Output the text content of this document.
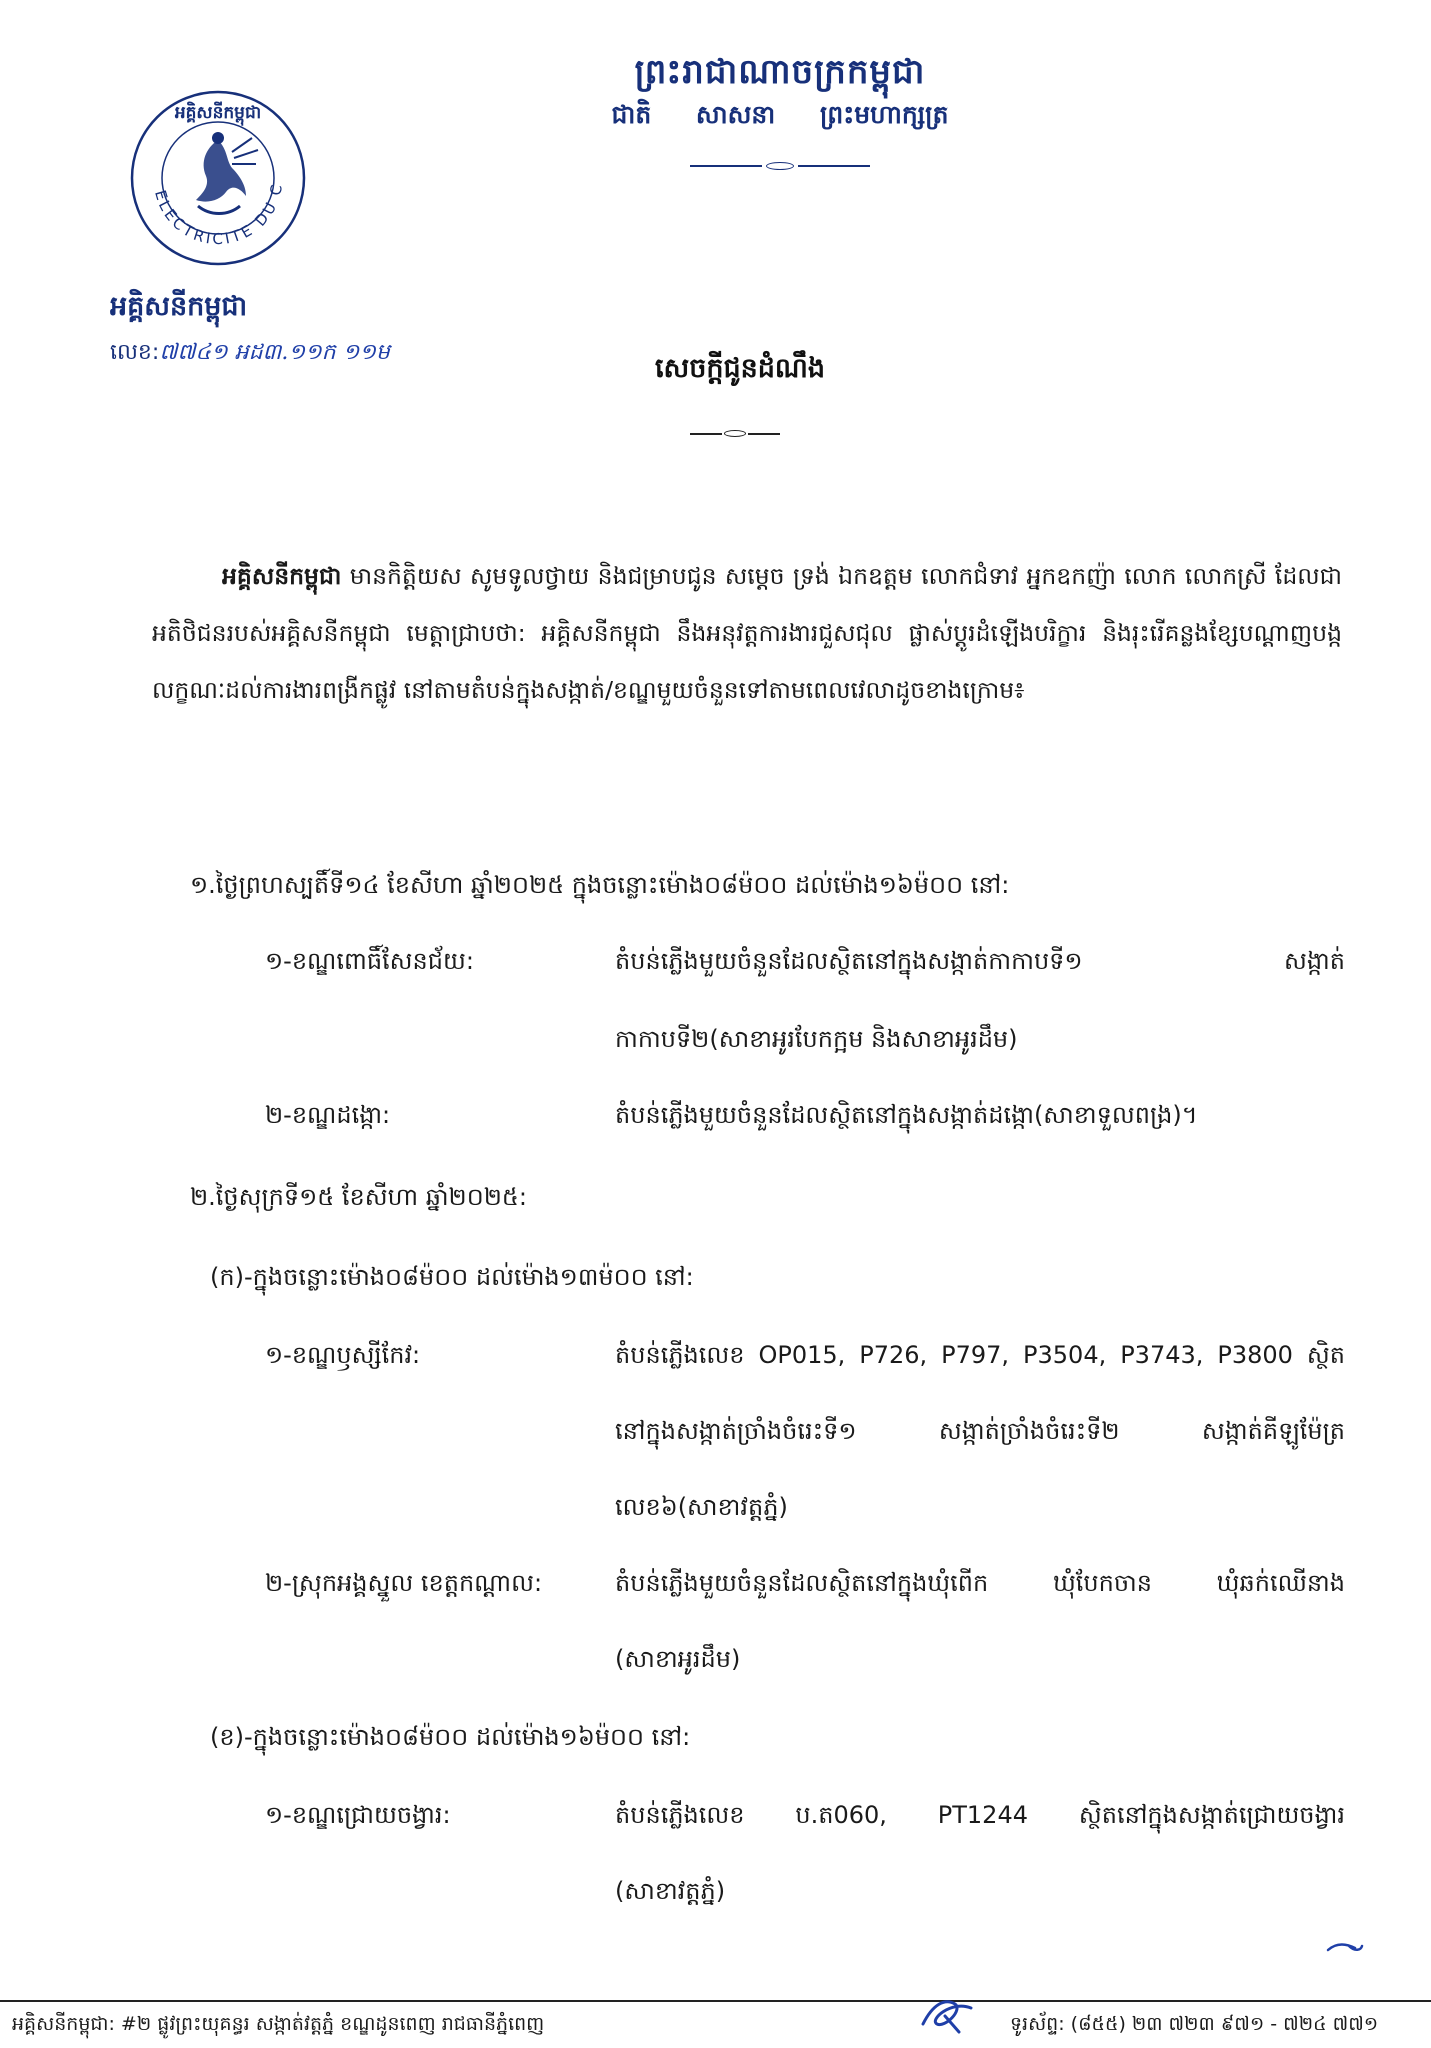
ព្រះរាជាណាចក្រកម្ពុជា
ជាតិ សាសនា ព្រះមហាក្សត្រ
ELECTRICITE DU C
អគ្គិសនីកម្ពុជា
អគ្គិសនីកម្ពុជា
លេខ:៧៧៤១ អដ៣.១១ក ១១ម
សេចក្តីជូនដំណឹង
អគ្គិសនីកម្ពុជា មានកិត្តិយស សូមទូលថ្វាយ និងជម្រាបជូន សម្តេច ទ្រង់ ឯកឧត្តម លោកជំទាវ អ្នកឧកញ៉ា លោក លោកស្រី ដែលជាអតិថិជនរបស់អគ្គិសនីកម្ពុជា មេត្តាជ្រាបថា: អគ្គិសនីកម្ពុជា នឹងអនុវត្តការងារជួសជុល ផ្លាស់ប្តូរដំឡើងបរិក្ខារ និងរុះរើគន្លងខ្សែបណ្តាញបង្កលក្ខណៈដល់ការងារពង្រីកផ្លូវ នៅតាមតំបន់ក្នុងសង្កាត់/ខណ្ឌមួយចំនួនទៅតាមពេលវេលាដូចខាងក្រោម៖
១.ថ្ងៃព្រហស្បតិ៍ទី១៤ ខែសីហា ឆ្នាំ២០២៥ ក្នុងចន្លោះម៉ោង០៨ម៉០០ ដល់ម៉ោង១៦ម៉០០ នៅ:
១-ខណ្ឌពោធិ៍សែនជ័យ:	តំបន់ភ្លើងមួយចំនួនដែលស្ថិតនៅក្នុងសង្កាត់កាកាបទី១ សង្កាត់
កាកាបទី២(សាខាអូរបែកក្អម និងសាខាអូរដឹម)
២-ខណ្ឌដង្កោ:	តំបន់ភ្លើងមួយចំនួនដែលស្ថិតនៅក្នុងសង្កាត់ដង្កោ(សាខាទួលពង្រ)។
២.ថ្ងៃសុក្រទី១៥ ខែសីហា ឆ្នាំ២០២៥:
(ក)-ក្នុងចន្លោះម៉ោង០៨ម៉០០ ដល់ម៉ោង១៣ម៉០០ នៅ:
១-ខណ្ឌឫស្សីកែវ:	តំបន់ភ្លើងលេខ OP015, P726, P797, P3504, P3743, P3800 ស្ថិត
នៅក្នុងសង្កាត់ច្រាំងចំរេះទី១ សង្កាត់ច្រាំងចំរេះទី២ សង្កាត់គីឡូម៉ែត្រ
លេខ៦(សាខាវត្តភ្នំ)
២-ស្រុកអង្គស្នួល ខេត្តកណ្តាល:	តំបន់ភ្លើងមួយចំនួនដែលស្ថិតនៅក្នុងឃុំពើក ឃុំបែកចាន ឃុំឆក់ឈើនាង
(សាខាអូរដឹម)
(ខ)-ក្នុងចន្លោះម៉ោង០៨ម៉០០ ដល់ម៉ោង១៦ម៉០០ នៅ:
១-ខណ្ឌជ្រោយចង្វារ:	តំបន់ភ្លើងលេខ ប.ត060, PT1244 ស្ថិតនៅក្នុងសង្កាត់ជ្រោយចង្វារ
(សាខាវត្តភ្នំ)
អគ្គិសនីកម្ពុជា: #២ ផ្លូវព្រះយុគន្ធរ សង្កាត់វត្តភ្នំ ខណ្ឌដូនពេញ រាជធានីភ្នំពេញ	ទូរស័ព្ទ: (៨៥៥) ២៣ ៧២៣ ៩៧១ - ៧២៤ ៧៧១
